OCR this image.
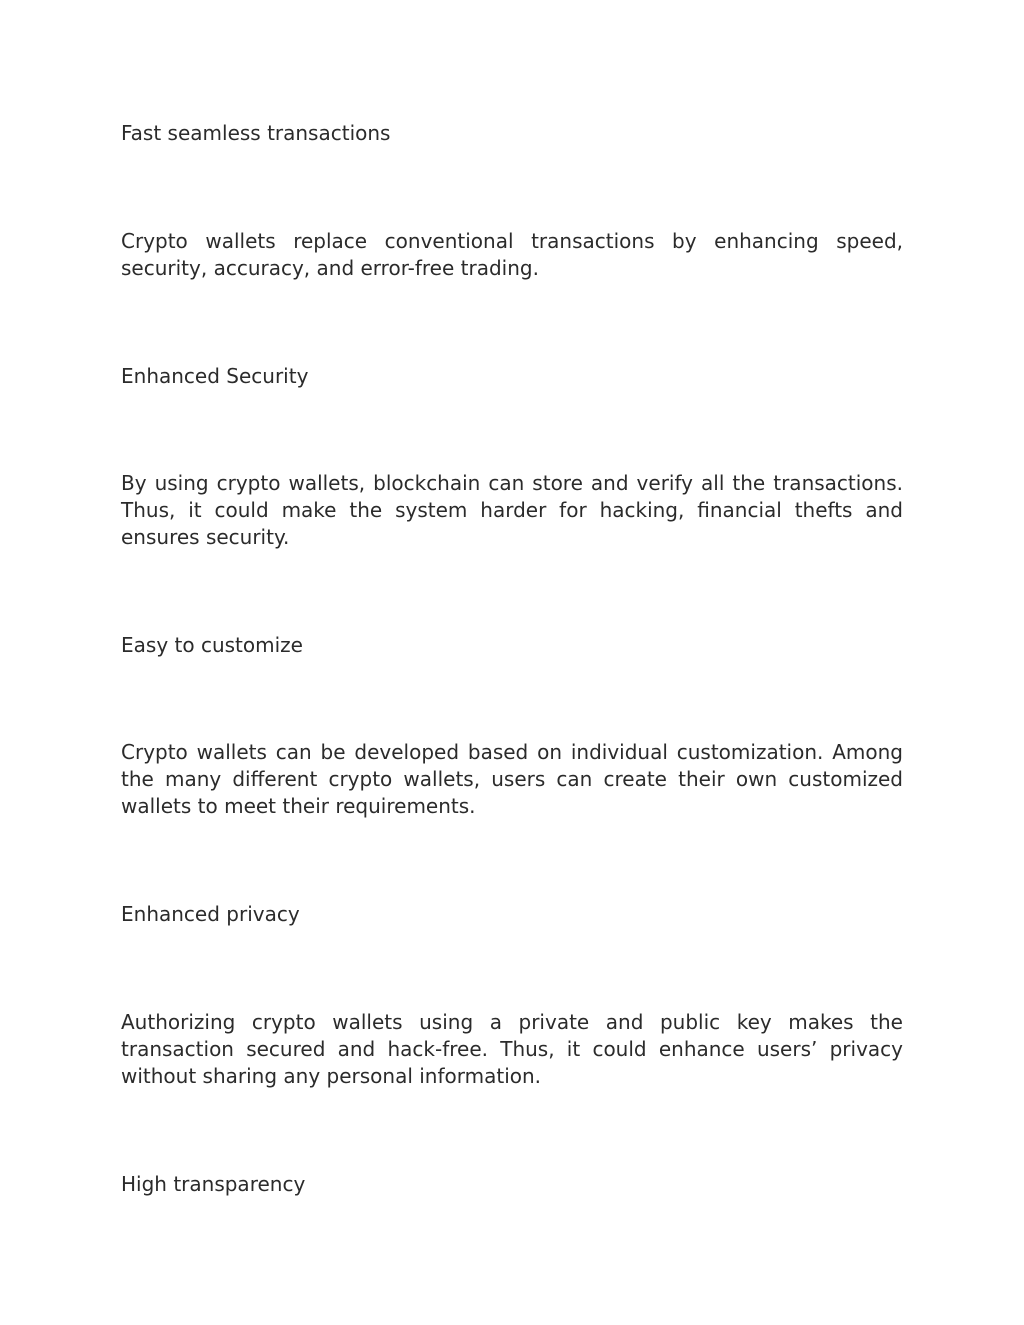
Fast seamless transactions

Crypto wallets replace conventional transactions by enhancing speed, security, accuracy, and error-free trading.

Enhanced Security

By using crypto wallets, blockchain can store and verify all the transactions. Thus, it could make the system harder for hacking, financial thefts and ensures security.

Easy to customize

Crypto wallets can be developed based on individual customization. Among the many different crypto wallets, users can create their own customized wallets to meet their requirements.

Enhanced privacy

Authorizing crypto wallets using a private and public key makes the transaction secured and hack-free. Thus, it could enhance users’ privacy without sharing any personal information.

High transparency
